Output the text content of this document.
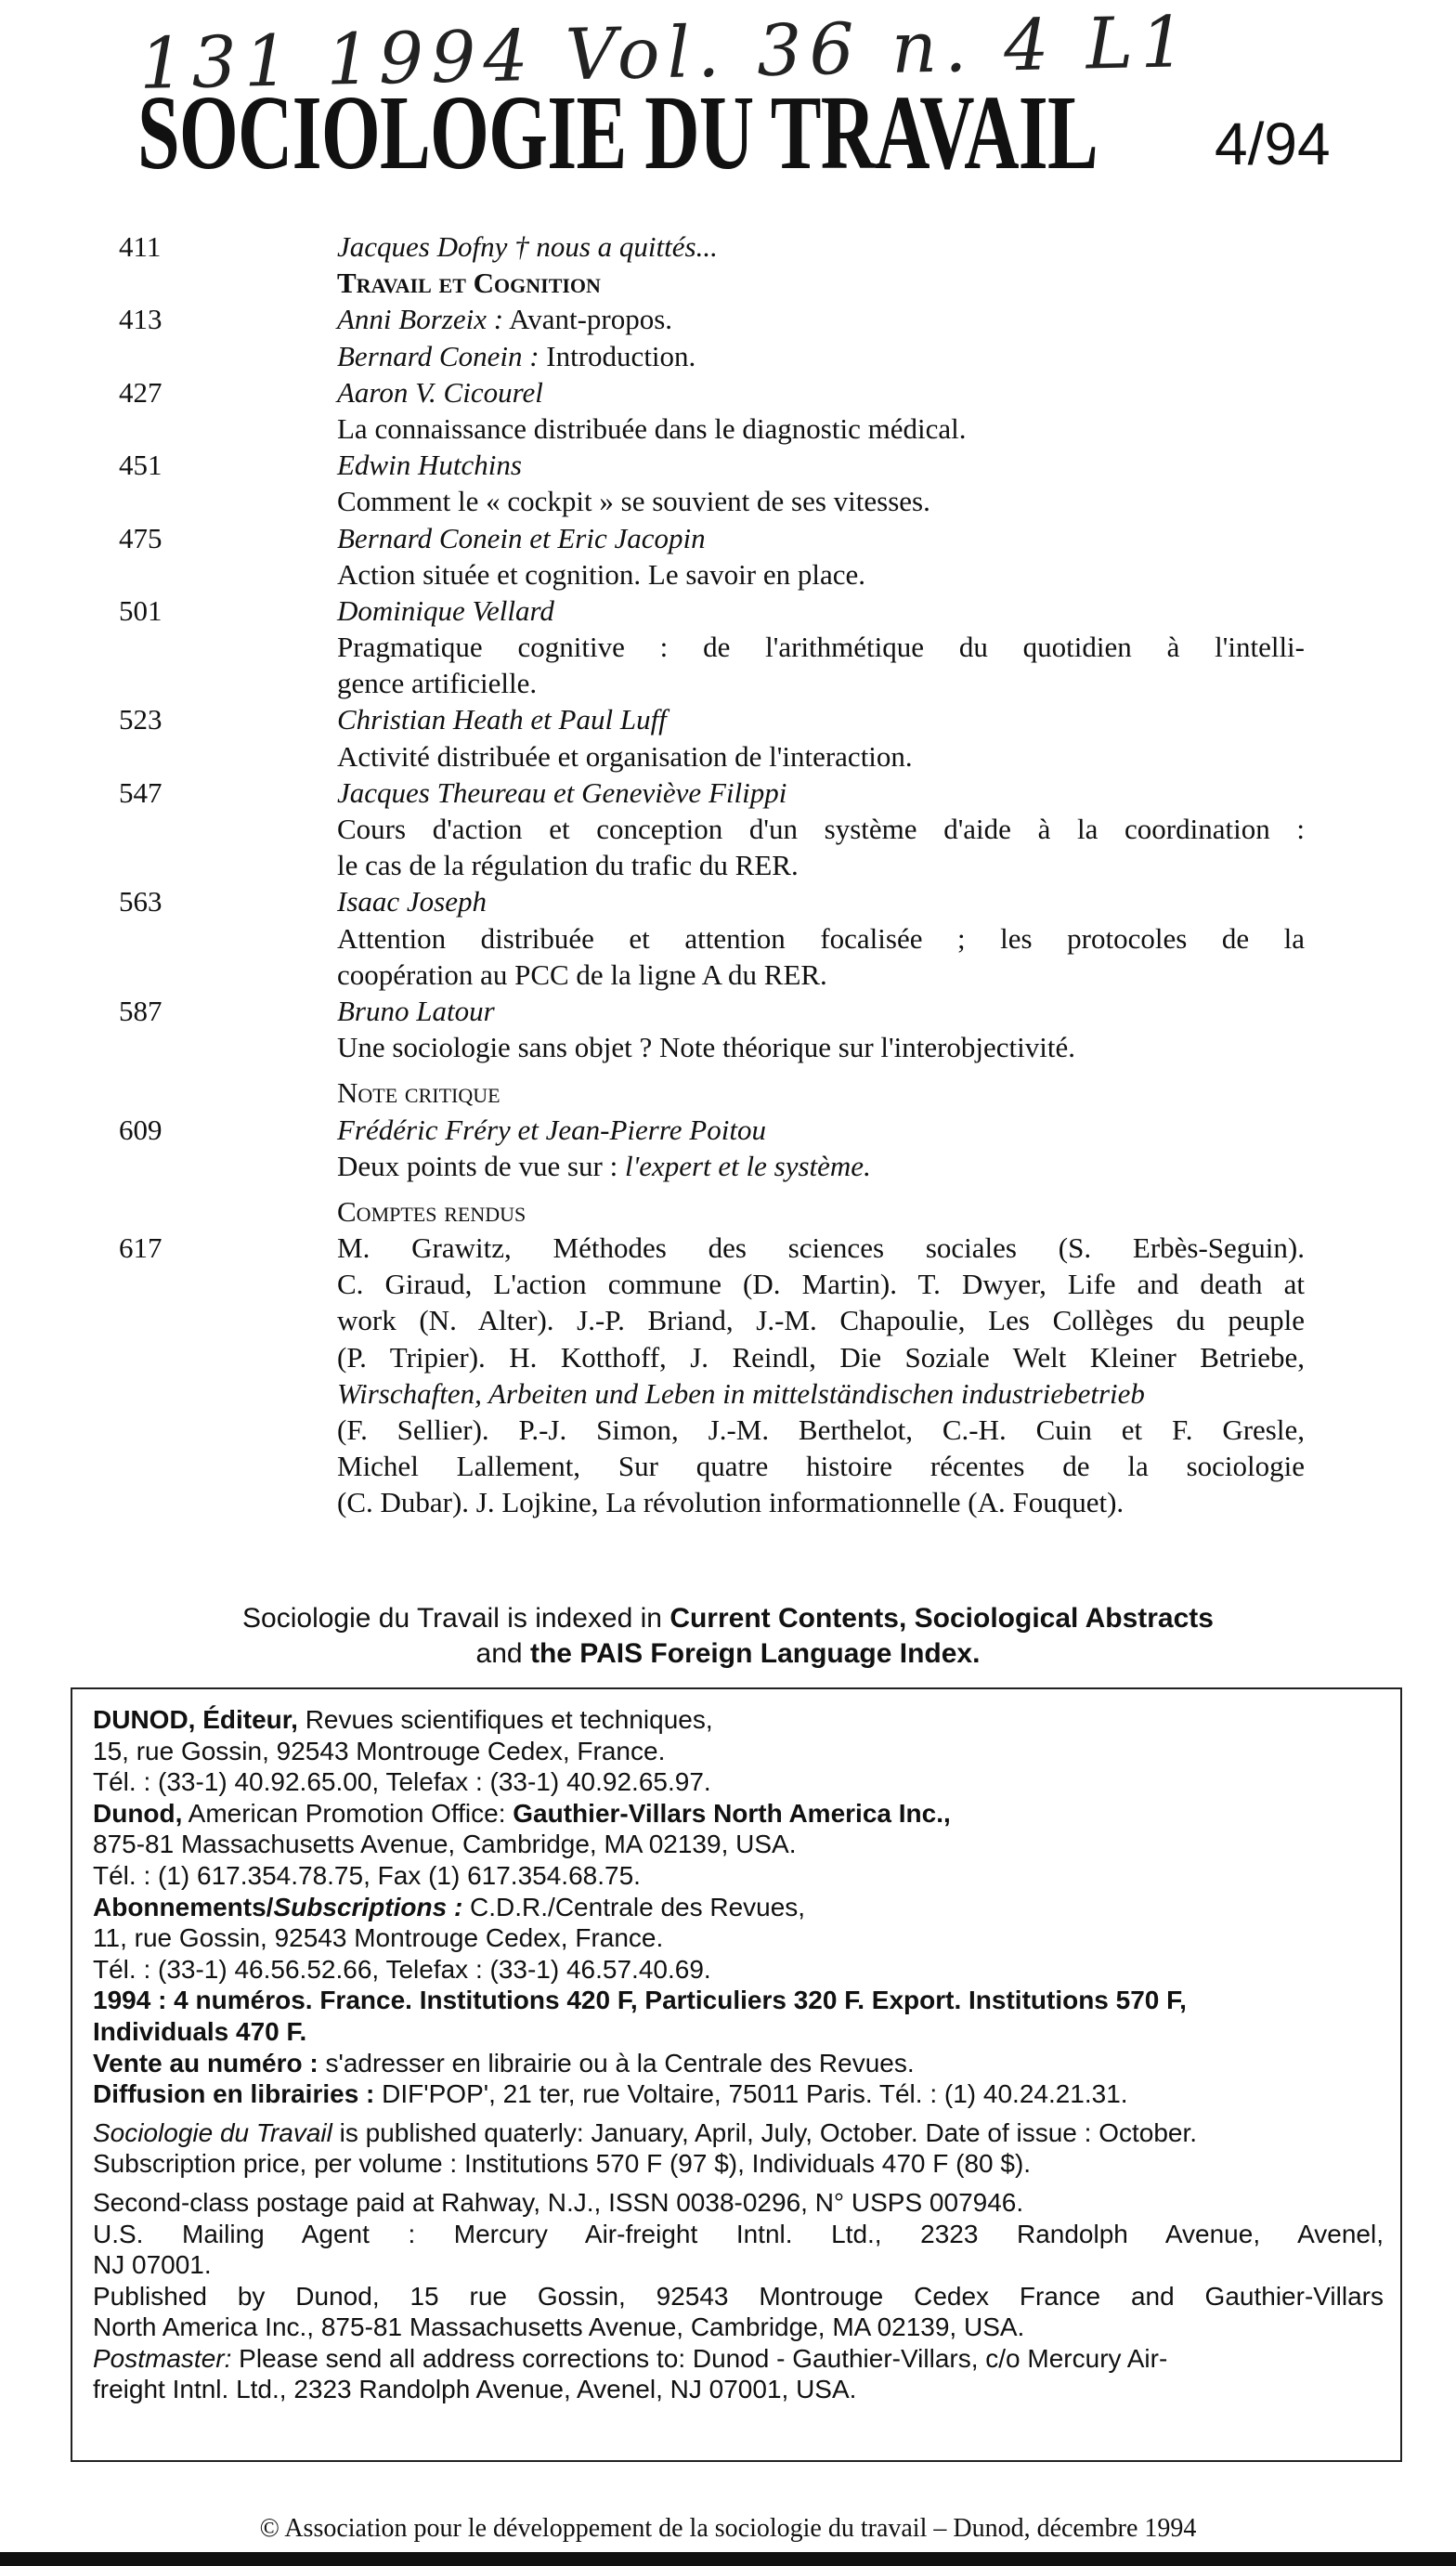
131 1994 Vol. 36 n. 4 L1
SOCIOLOGIE DU TRAVAIL 4/94
411	Jacques Dofny † nous a quittés...
Travail et Cognition
413	Anni Borzeix : Avant-propos.
Bernard Conein : Introduction.
427	Aaron V. Cicourel
La connaissance distribuée dans le diagnostic médical.
451	Edwin Hutchins
Comment le « cockpit » se souvient de ses vitesses.
475	Bernard Conein et Eric Jacopin
Action située et cognition. Le savoir en place.
501	Dominique Vellard
Pragmatique cognitive : de l'arithmétique du quotidien à l'intelli-
gence artificielle.
523	Christian Heath et Paul Luff
Activité distribuée et organisation de l'interaction.
547	Jacques Theureau et Geneviève Filippi
Cours d'action et conception d'un système d'aide à la coordination :
le cas de la régulation du trafic du RER.
563	Isaac Joseph
Attention distribuée et attention focalisée ; les protocoles de la
coopération au PCC de la ligne A du RER.
587	Bruno Latour
Une sociologie sans objet ? Note théorique sur l'interobjectivité.
Note critique
609	Frédéric Fréry et Jean-Pierre Poitou
Deux points de vue sur : l'expert et le système.
Comptes rendus
617	M. Grawitz, Méthodes des sciences sociales (S. Erbès-Seguin).
C. Giraud, L'action commune (D. Martin). T. Dwyer, Life and death at
work (N. Alter). J.-P. Briand, J.-M. Chapoulie, Les Collèges du peuple
(P. Tripier). H. Kotthoff, J. Reindl, Die Soziale Welt Kleiner Betriebe,
Wirschaften, Arbeiten und Leben in mittelständischen industriebetrieb
(F. Sellier). P.-J. Simon, J.-M. Berthelot, C.-H. Cuin et F. Gresle,
Michel Lallement, Sur quatre histoire récentes de la sociologie
(C. Dubar). J. Lojkine, La révolution informationnelle (A. Fouquet).
Sociologie du Travail is indexed in Current Contents, Sociological Abstracts
and the PAIS Foreign Language Index.
DUNOD, Éditeur, Revues scientifiques et techniques,
15, rue Gossin, 92543 Montrouge Cedex, France.
Tél. : (33-1) 40.92.65.00, Telefax : (33-1) 40.92.65.97.
Dunod, American Promotion Office: Gauthier-Villars North America Inc.,
875-81 Massachusetts Avenue, Cambridge, MA 02139, USA.
Tél. : (1) 617.354.78.75, Fax (1) 617.354.68.75.
Abonnements/Subscriptions : C.D.R./Centrale des Revues,
11, rue Gossin, 92543 Montrouge Cedex, France.
Tél. : (33-1) 46.56.52.66, Telefax : (33-1) 46.57.40.69.
1994 : 4 numéros. France. Institutions 420 F, Particuliers 320 F. Export. Institutions 570 F,
Individuals 470 F.
Vente au numéro : s'adresser en librairie ou à la Centrale des Revues.
Diffusion en librairies : DIF'POP', 21 ter, rue Voltaire, 75011 Paris. Tél. : (1) 40.24.21.31.
Sociologie du Travail is published quaterly: January, April, July, October. Date of issue : October.
Subscription price, per volume : Institutions 570 F (97 $), Individuals 470 F (80 $).
Second-class postage paid at Rahway, N.J., ISSN 0038-0296, N° USPS 007946.
U.S. Mailing Agent : Mercury Air-freight Intnl. Ltd., 2323 Randolph Avenue, Avenel,
NJ 07001.
Published by Dunod, 15 rue Gossin, 92543 Montrouge Cedex France and Gauthier-Villars
North America Inc., 875-81 Massachusetts Avenue, Cambridge, MA 02139, USA.
Postmaster: Please send all address corrections to: Dunod - Gauthier-Villars, c/o Mercury Air-
freight Intnl. Ltd., 2323 Randolph Avenue, Avenel, NJ 07001, USA.
© Association pour le développement de la sociologie du travail – Dunod, décembre 1994
